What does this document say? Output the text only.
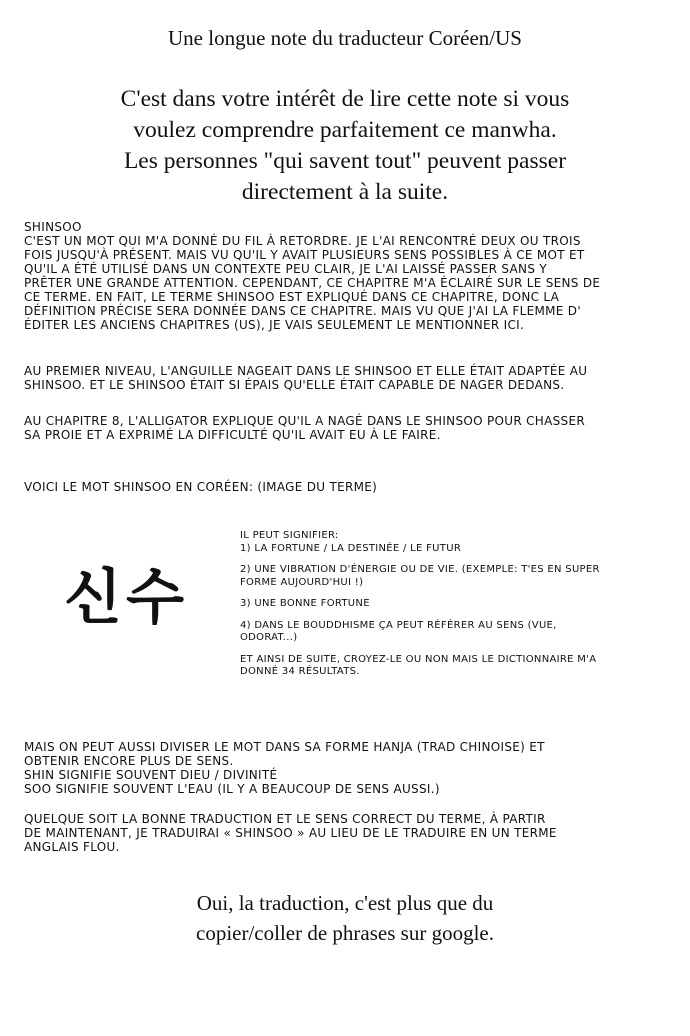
Une longue note du traducteur Coréen/US
C'est dans votre intérêt de lire cette note si vous
voulez comprendre parfaitement ce manwha.
Les personnes "qui savent tout" peuvent passer
directement à la suite.
SHINSOO
C'EST UN MOT QUI M'A DONNÉ DU FIL À RETORDRE. JE L'AI RENCONTRÉ DEUX OU TROIS
FOIS JUSQU'À PRÉSENT. MAIS VU QU'IL Y AVAIT PLUSIEURS SENS POSSIBLES À CE MOT ET
QU'IL A ÉTÉ UTILISÉ DANS UN CONTEXTE PEU CLAIR, JE L'AI LAISSÉ PASSER SANS Y
PRÊTER UNE GRANDE ATTENTION. CEPENDANT, CE CHAPITRE M'A ÉCLAIRÉ SUR LE SENS DE
CE TERME. EN FAIT, LE TERME SHINSOO EST EXPLIQUÉ DANS CE CHAPITRE, DONC LA
DÉFINITION PRÉCISE SERA DONNÉE DANS CE CHAPITRE. MAIS VU QUE J'AI LA FLEMME D'
ÉDITER LES ANCIENS CHAPITRES (US), JE VAIS SEULEMENT LE MENTIONNER ICI.
AU PREMIER NIVEAU, L'ANGUILLE NAGEAIT DANS LE SHINSOO ET ELLE ÉTAIT ADAPTÉE AU
SHINSOO. ET LE SHINSOO ÉTAIT SI ÉPAIS QU'ELLE ÉTAIT CAPABLE DE NAGER DEDANS.
AU CHAPITRE 8, L'ALLIGATOR EXPLIQUE QU'IL A NAGÉ DANS LE SHINSOO POUR CHASSER
SA PROIE ET A EXPRIMÉ LA DIFFICULTÉ QU'IL AVAIT EU À LE FAIRE.
VOICI LE MOT SHINSOO EN CORÉEN: (IMAGE DU TERME)
신수
IL PEUT SIGNIFIER:
1) LA FORTUNE / LA DESTINÉE / LE FUTUR
2) UNE VIBRATION D'ÉNERGIE OU DE VIE. (EXEMPLE: T'ES EN SUPER
FORME AUJOURD'HUI !)
3) UNE BONNE FORTUNE
4) DANS LE BOUDDHISME ÇA PEUT RÉFÉRER AU SENS (VUE,
ODORAT...)
ET AINSI DE SUITE, CROYEZ-LE OU NON MAIS LE DICTIONNAIRE M'A
DONNÉ 34 RÉSULTATS.
MAIS ON PEUT AUSSI DIVISER LE MOT DANS SA FORME HANJA (TRAD CHINOISE) ET
OBTENIR ENCORE PLUS DE SENS.
SHIN SIGNIFIE SOUVENT DIEU / DIVINITÉ
SOO SIGNIFIE SOUVENT L'EAU (IL Y A BEAUCOUP DE SENS AUSSI.)
QUELQUE SOIT LA BONNE TRADUCTION ET LE SENS CORRECT DU TERME, À PARTIR
DE MAINTENANT, JE TRADUIRAI « SHINSOO » AU LIEU DE LE TRADUIRE EN UN TERME
ANGLAIS FLOU.
Oui, la traduction, c'est plus que du
copier/coller de phrases sur google.
